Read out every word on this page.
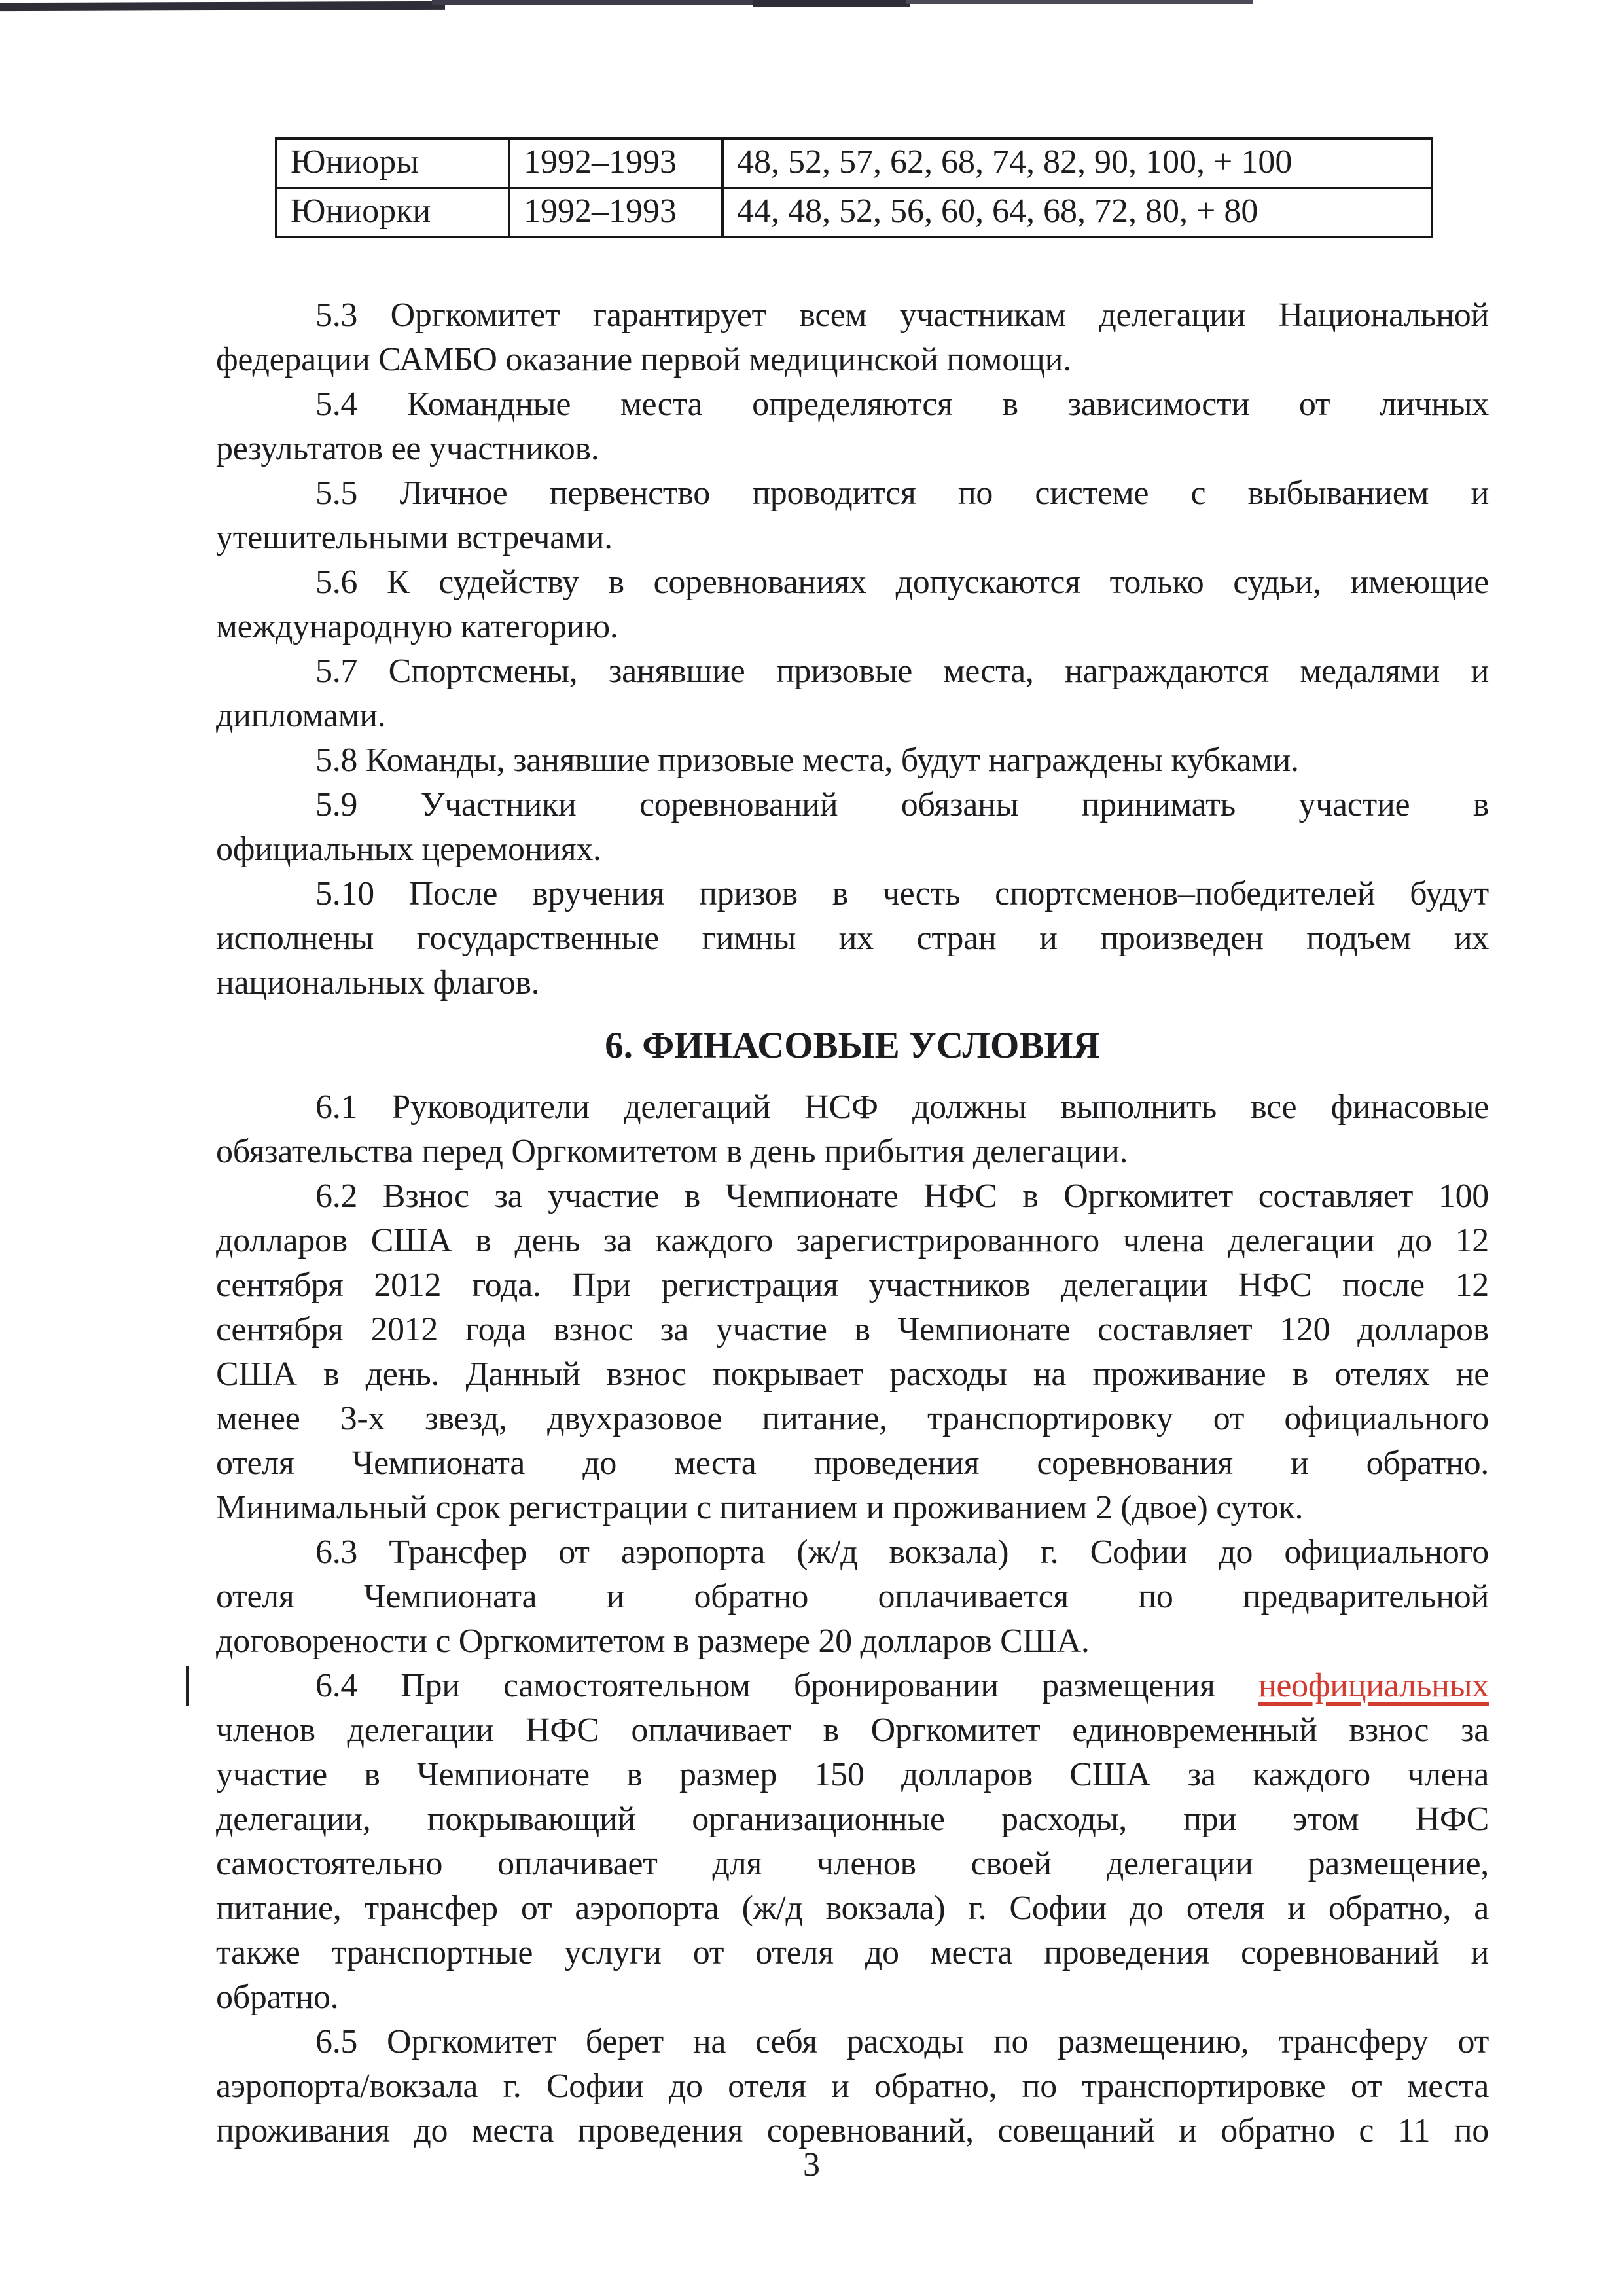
Юниоры	1992–1993	48, 52, 57, 62, 68, 74, 82, 90, 100, + 100
Юниорки	1992–1993	44, 48, 52, 56, 60, 64, 68, 72, 80, + 80
5.3 Оргкомитет гарантирует всем участникам делегации Национальной
федерации САМБО оказание первой медицинской помощи.
5.4 Командные места определяются в зависимости от личных
результатов ее участников.
5.5 Личное первенство проводится по системе с выбыванием и
утешительными встречами.
5.6 К судейству в соревнованиях допускаются только судьи, имеющие
международную категорию.
5.7 Спортсмены, занявшие призовые места, награждаются медалями и
дипломами.
5.8 Команды, занявшие призовые места, будут награждены кубками.
5.9 Участники соревнований обязаны принимать участие в
официальных церемониях.
5.10 После вручения призов в честь спортсменов–победителей будут
исполнены государственные гимны их стран и произведен подъем их
национальных флагов.
6. ФИНАСОВЫЕ УСЛОВИЯ
6.1 Руководители делегаций НСФ должны выполнить все финасовые
обязательства перед Оргкомитетом в день прибытия делегации.
6.2 Взнос за участие в Чемпионате НФС в Оргкомитет составляет 100
долларов США в день за каждого зарегистрированного члена делегации до 12
сентября 2012 года. При регистрация участников делегации НФС после 12
сентября 2012 года взнос за участие в Чемпионате составляет 120 долларов
США в день. Данный взнос покрывает расходы на проживание в отелях не
менее 3-х звезд, двухразовое питание, транспортировку от официального
отеля Чемпионата до места проведения соревнования и обратно.
Минимальный срок регистрации с питанием и проживанием 2 (двое) суток.
6.3 Трансфер от аэропорта (ж/д вокзала) г. Софии до официального
отеля Чемпионата и обратно оплачивается по предварительной
договорености с Оргкомитетом в размере 20 долларов США.
6.4 При самостоятельном бронировании размещения неофициальных
членов делегации НФС оплачивает в Оргкомитет единовременный взнос за
участие в Чемпионате в размер 150 долларов США за каждого члена
делегации, покрывающий организационные расходы, при этом НФС
самостоятельно оплачивает для членов своей делегации размещение,
питание, трансфер от аэропорта (ж/д вокзала) г. Софии до отеля и обратно, а
также транспортные услуги от отеля до места проведения соревнований и
обратно.
6.5 Оргкомитет берет на себя расходы по размещению, трансферу от
аэропорта/вокзала г. Софии до отеля и обратно, по транспортировке от места
проживания до места проведения соревнований, совещаний и обратно с 11 по
3
